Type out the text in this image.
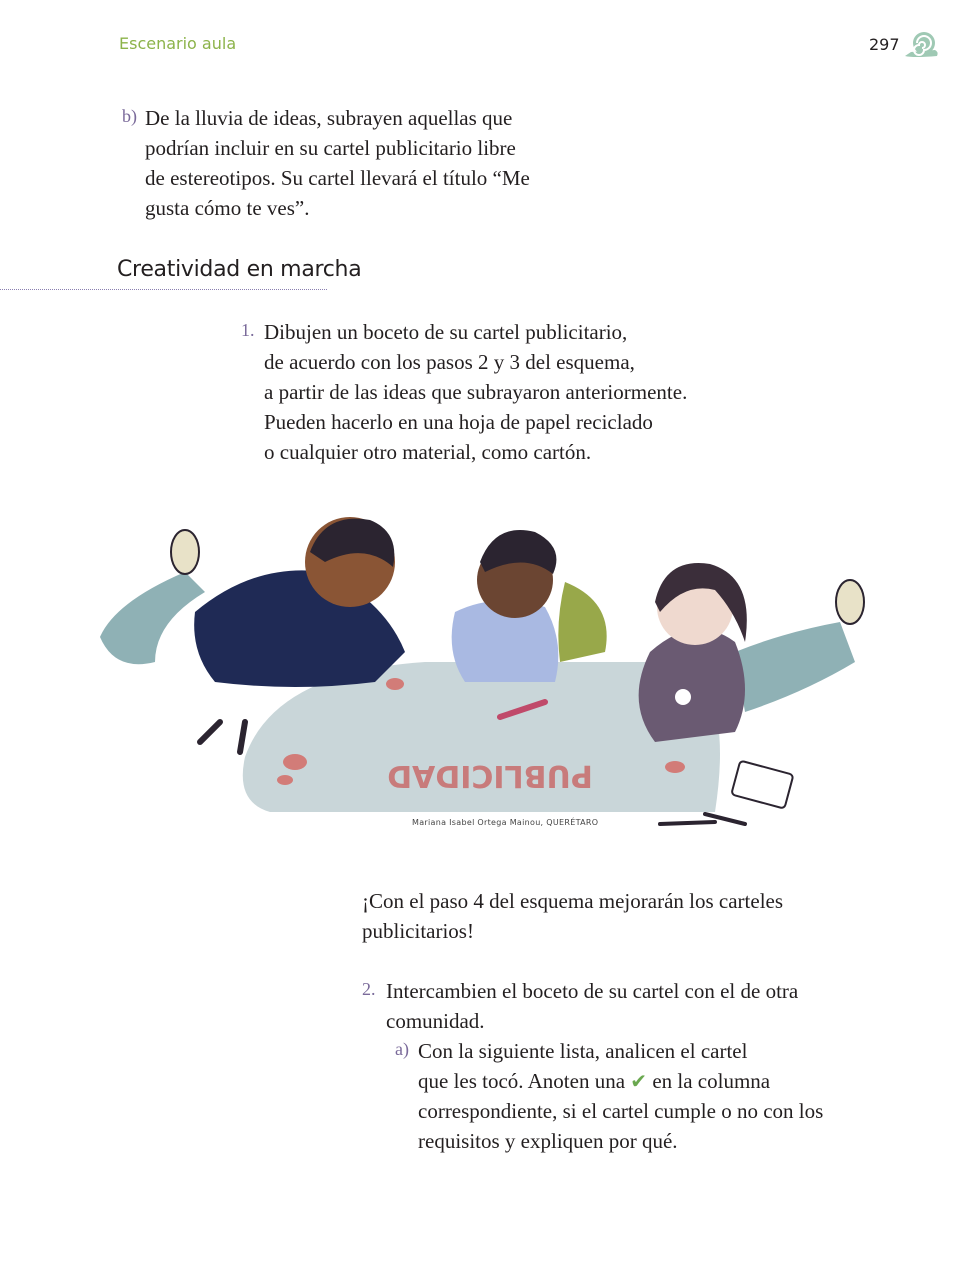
Escenario aula	297
b) De la lluvia de ideas, subrayen aquellas que
podrían incluir en su cartel publicitario libre
de estereotipos. Su cartel llevará el título “Me
gusta cómo te ves”.
Creatividad en marcha
1. Dibujen un boceto de su cartel publicitario,
de acuerdo con los pasos 2 y 3 del esquema,
a partir de las ideas que subrayaron anteriormente.
Pueden hacerlo en una hoja de papel reciclado
o cualquier otro material, como cartón.
PUBLICIDAD
Mariana Isabel Ortega Mainou, QUERÉTARO
¡Con el paso 4 del esquema mejorarán los carteles
publicitarios!
2. Intercambien el boceto de su cartel con el de otra
comunidad.
a) Con la siguiente lista, analicen el cartel
que les tocó. Anoten una ✔ en la columna
correspondiente, si el cartel cumple o no con los
requisitos y expliquen por qué.
